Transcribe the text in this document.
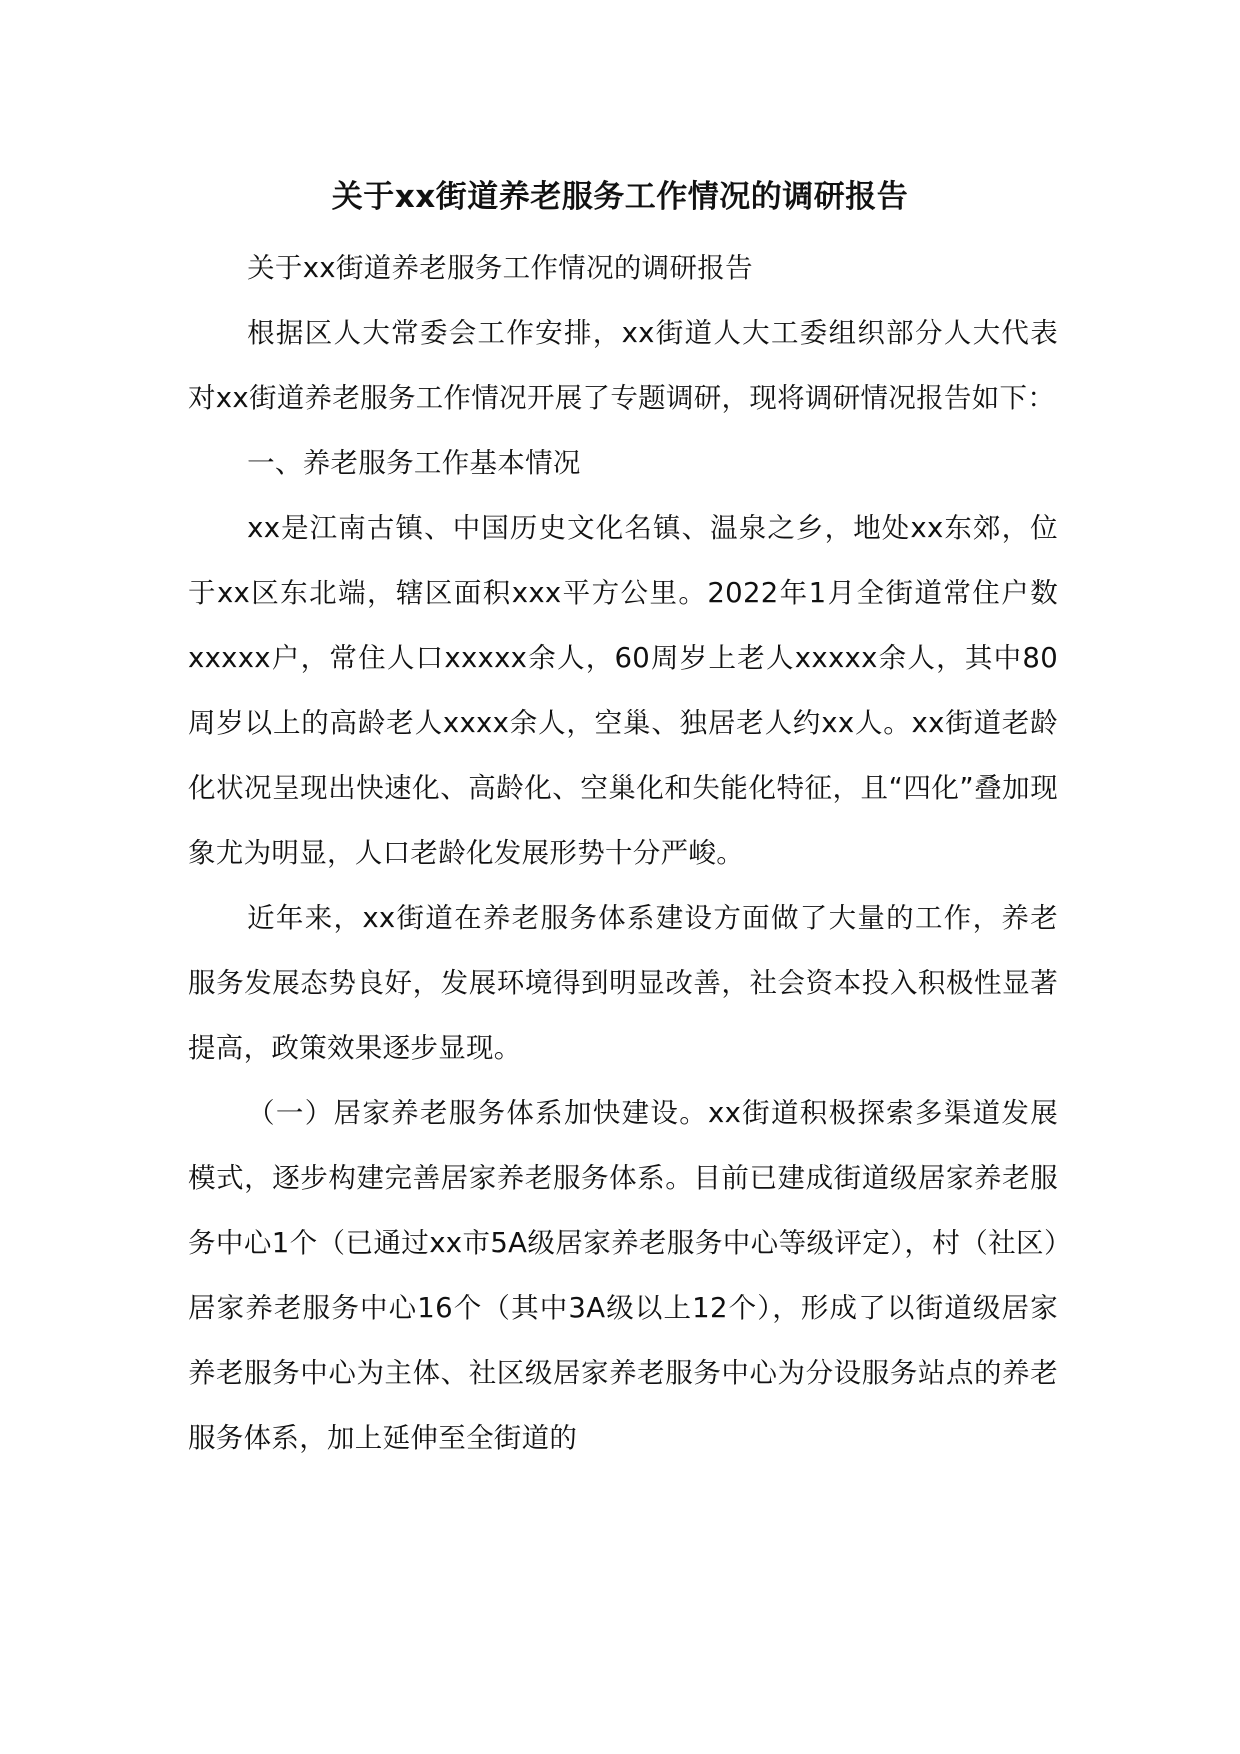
关于xx街道养老服务工作情况的调研报告

关于xx街道养老服务工作情况的调研报告

根据区人大常委会工作安排，xx街道人大工委组织部分人大代表对xx街道养老服务工作情况开展了专题调研，现将调研情况报告如下：

一、养老服务工作基本情况

xx是江南古镇、中国历史文化名镇、温泉之乡，地处xx东郊，位于xx区东北端，辖区面积xxx平方公里。2022年1月全街道常住户数xxxxx户，常住人口xxxxx余人，60周岁上老人xxxxx余人，其中80周岁以上的高龄老人xxxx余人，空巢、独居老人约xx人。xx街道老龄化状况呈现出快速化、高龄化、空巢化和失能化特征，且“四化”叠加现象尤为明显，人口老龄化发展形势十分严峻。

近年来，xx街道在养老服务体系建设方面做了大量的工作，养老服务发展态势良好，发展环境得到明显改善，社会资本投入积极性显著提高，政策效果逐步显现。

（一）居家养老服务体系加快建设。xx街道积极探索多渠道发展模式，逐步构建完善居家养老服务体系。目前已建成街道级居家养老服务中心1个（已通过xx市5A级居家养老服务中心等级评定），村（社区）居家养老服务中心16个（其中3A级以上12个），形成了以街道级居家养老服务中心为主体、社区级居家养老服务中心为分设服务站点的养老服务体系，加上延伸至全街道的
